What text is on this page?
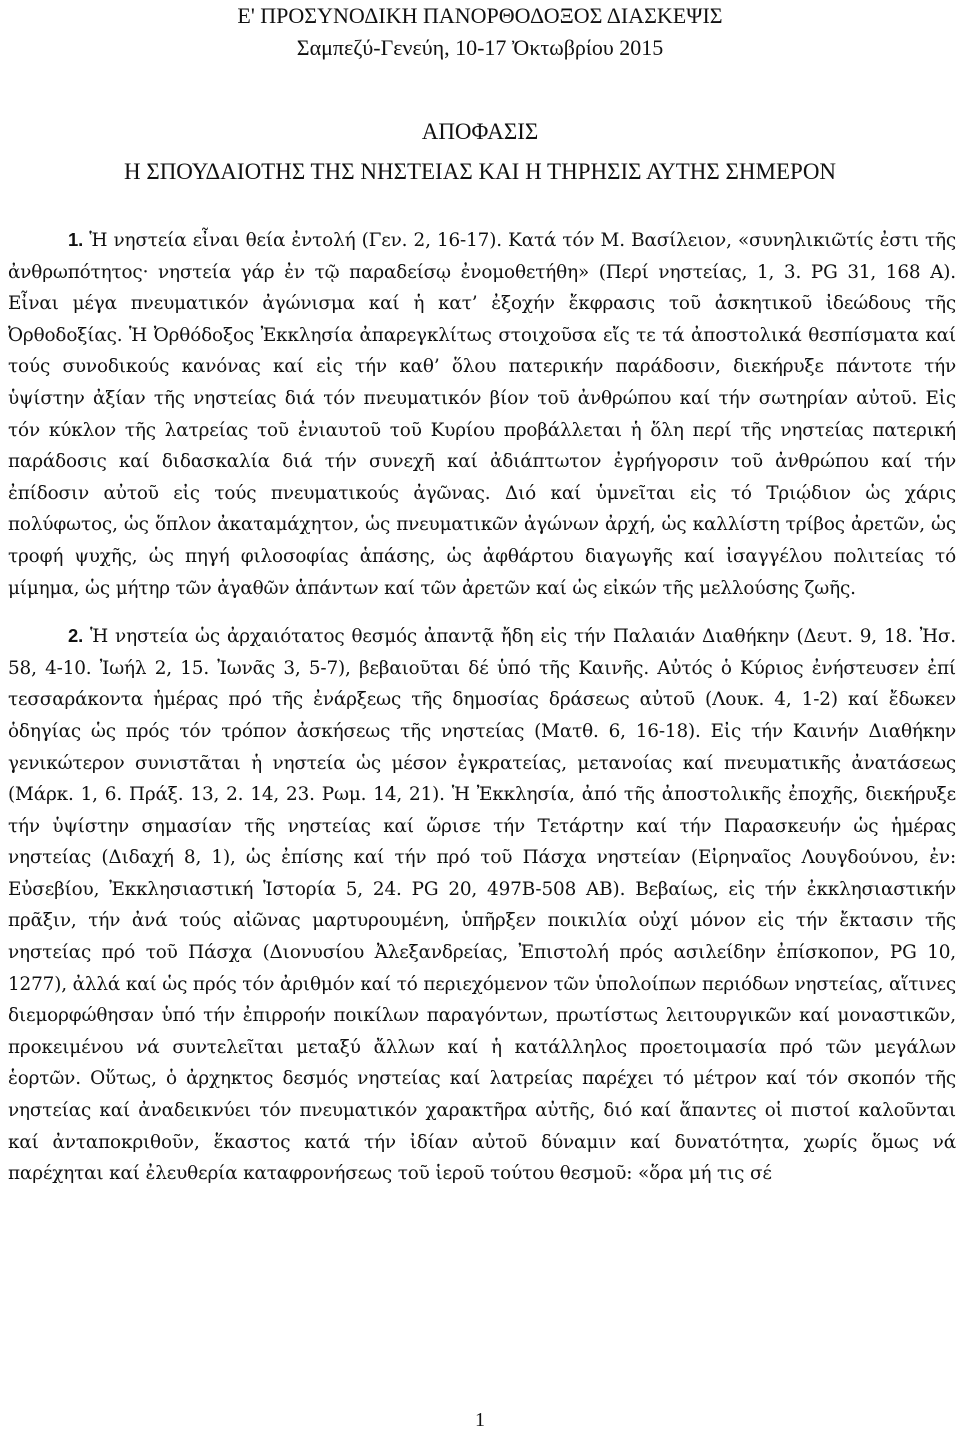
Ε' ΠΡΟΣΥΝΟΔΙΚΗ ΠΑΝΟΡΘΟΔΟΞΟΣ ΔΙΑΣΚΕΨΙΣ
Σαμπεζύ-Γενεύη, 10-17 Ὀκτωβρίου 2015
ΑΠΟΦΑΣΙΣ
Η ΣΠΟΥΔΑΙΟΤΗΣ ΤΗΣ ΝΗΣΤΕΙΑΣ ΚΑΙ Η ΤΗΡΗΣΙΣ ΑΥΤΗΣ ΣΗΜΕΡΟΝ

1. Ἡ νηστεία εἶναι θεία ἐντολή (Γεν. 2, 16-17). Κατά τόν Μ. Βασίλειον, «συνηλικιῶτίς ἐστι τῆς ἀνθρωπότητος· νηστεία γάρ ἐν τῷ παραδείσῳ ἐνομοθετήθη» (Περί νηστείας, 1, 3. PG 31, 168 A). Εἶναι μέγα πνευματικόν ἀγώνισμα καί ἡ κατ’ ἐξοχήν ἔκφρασις τοῦ ἀσκητικοῦ ἰδεώδους τῆς Ὀρθοδοξίας. Ἡ Ὀρθόδοξος Ἐκκλησία ἀπαρεγκλίτως στοιχοῦσα εἴς τε τά ἀποστολικά θεσπίσματα καί τούς συνοδικούς κανόνας καί εἰς τήν καθ’ ὅλου πατερικήν παράδοσιν, διεκήρυξε πάντοτε τήν ὑψίστην ἀξίαν τῆς νηστείας διά τόν πνευματικόν βίον τοῦ ἀνθρώπου καί τήν σωτηρίαν αὐτοῦ. Εἰς τόν κύκλον τῆς λατρείας τοῦ ἐνιαυτοῦ τοῦ Κυρίου προβάλλεται ἡ ὅλη περί τῆς νηστείας πατερική παράδοσις καί διδασκαλία διά τήν συνεχῆ καί ἀδιάπτωτον ἐγρήγορσιν τοῦ ἀνθρώπου καί τήν ἐπίδοσιν αὐτοῦ εἰς τούς πνευματικούς ἀγῶνας. Διό καί ὑμνεῖται εἰς τό Τριῴδιον ὡς χάρις πολύφωτος, ὡς ὅπλον ἀκαταμάχητον, ὡς πνευματικῶν ἀγώνων ἀρχή, ὡς καλλίστη τρίβος ἀρετῶν, ὡς τροφή ψυχῆς, ὡς πηγή φιλοσοφίας ἁπάσης, ὡς ἀφθάρτου διαγωγῆς καί ἰσαγγέλου πολιτείας τό μίμημα, ὡς μήτηρ τῶν ἀγαθῶν ἁπάντων καί τῶν ἀρετῶν καί ὡς εἰκών τῆς μελλούσης ζωῆς.

2. Ἡ νηστεία ὡς ἀρχαιότατος θεσμός ἀπαντᾷ ἤδη εἰς τήν Παλαιάν Διαθήκην (Δευτ. 9, 18. Ἠσ. 58, 4-10. Ἰωήλ 2, 15. Ἰωνᾶς 3, 5-7), βεβαιοῦται δέ ὑπό τῆς Καινῆς. Αὐτός ὁ Κύριος ἐνήστευσεν ἐπί τεσσαράκοντα ἡμέρας πρό τῆς ἐνάρξεως τῆς δημοσίας δράσεως αὐτοῦ (Λουκ. 4, 1-2) καί ἔδωκεν ὁδηγίας ὡς πρός τόν τρόπον ἀσκήσεως τῆς νηστείας (Ματθ. 6, 16-18). Εἰς τήν Καινήν Διαθήκην γενικώτερον συνιστᾶται ἡ νηστεία ὡς μέσον ἐγκρατείας, μετανοίας καί πνευματικῆς ἀνατάσεως (Μάρκ. 1, 6. Πράξ. 13, 2. 14, 23. Ρωμ. 14, 21). Ἡ Ἐκκλησία, ἀπό τῆς ἀποστολικῆς ἐποχῆς, διεκήρυξε τήν ὑψίστην σημασίαν τῆς νηστείας καί ὥρισε τήν Τετάρτην καί τήν Παρασκευήν ὡς ἡμέρας νηστείας (Διδαχή 8, 1), ὡς ἐπίσης καί τήν πρό τοῦ Πάσχα νηστείαν (Εἰρηναῖος Λουγδούνου, ἐν: Εὐσεβίου, Ἐκκλησιαστική Ἱστορία 5, 24. PG 20, 497B-508 AB). Βεβαίως, εἰς τήν ἐκκλησιαστικήν πρᾶξιν, τήν ἀνά τούς αἰῶνας μαρτυρουμένη, ὑπῆρξεν ποικιλία οὐχί μόνον εἰς τήν ἔκτασιν τῆς νηστείας πρό τοῦ Πάσχα (Διονυσίου Ἀλεξανδρείας, Ἐπιστολή πρός ασιλείδην ἐπίσκοπον, PG 10, 1277), ἀλλά καί ὡς πρός τόν ἀριθμόν καί τό περιεχόμενον τῶν ὑπολοίπων περιόδων νηστείας, αἵτινες διεμορφώθησαν ὑπό τήν ἐπιρροήν ποικίλων παραγόντων, πρωτίστως λειτουργικῶν καί μοναστικῶν, προκειμένου νά συντελεῖται μεταξύ ἄλλων καί ἡ κατάλληλος προετοιμασία πρό τῶν μεγάλων ἑορτῶν. Οὕτως, ὁ ἀρχηκτος δεσμός νηστείας καί λατρείας παρέχει τό μέτρον καί τόν σκοπόν τῆς νηστείας καί ἀναδεικνύει τόν πνευματικόν χαρακτῆρα αὐτῆς, διό καί ἅπαντες οἱ πιστοί καλοῦνται καί ἀνταποκριθοῦν, ἕκαστος κατά τήν ἰδίαν αὐτοῦ δύναμιν καί δυνατότητα, χωρίς ὅμως νά παρέχηται καί ἐλευθερία καταφρονήσεως τοῦ ἱεροῦ τούτου θεσμοῦ: «ὅρα μή τις σέ

1
